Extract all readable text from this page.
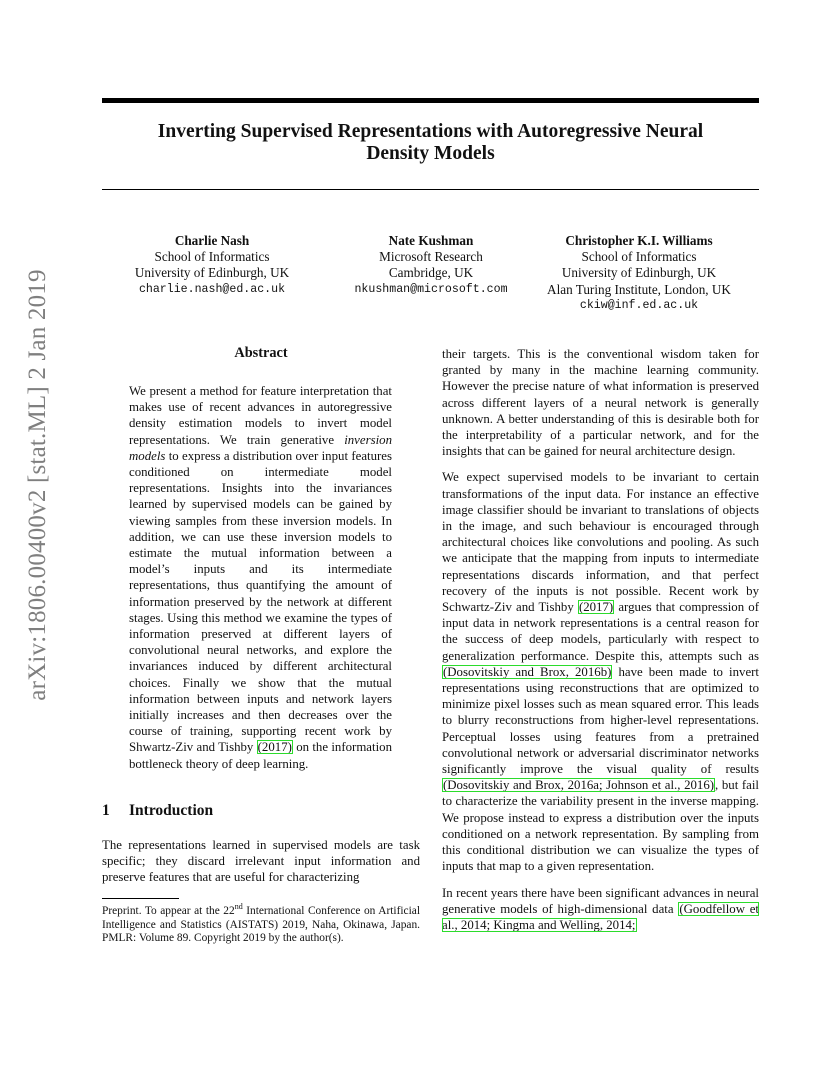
Inverting Supervised Representations with Autoregressive Neural
Density Models
Charlie Nash
School of Informatics
University of Edinburgh, UK
charlie.nash@ed.ac.uk
Nate Kushman
Microsoft Research
Cambridge, UK
nkushman@microsoft.com
Christopher K.I. Williams
School of Informatics
University of Edinburgh, UK
Alan Turing Institute, London, UK
ckiw@inf.ed.ac.uk
arXiv:1806.00400v2 [stat.ML] 2 Jan 2019	Abstract

We present a method for feature interpretation that makes use of recent advances in autoregressive density estimation models to invert model representations. We train generative inversion models to express a distribution over input features conditioned on intermediate model representations. Insights into the invariances learned by supervised models can be gained by viewing samples from these inversion models. In addition, we can use these inversion models to estimate the mutual information between a model’s inputs and its intermediate representations, thus quantifying the amount of information preserved by the network at different stages. Using this method we examine the types of information preserved at different layers of convolutional neural networks, and explore the invariances induced by different architectural choices. Finally we show that the mutual information between inputs and network layers initially increases and then decreases over the course of training, supporting recent work by Shwartz-Ziv and Tishby (2017) on the information bottleneck theory of deep learning.

1 Introduction

The representations learned in supervised models are task specific; they discard irrelevant input information and preserve features that are useful for characterizing

Preprint. To appear at the 22nd International Conference on Artificial Intelligence and Statistics (AISTATS) 2019, Naha, Okinawa, Japan. PMLR: Volume 89. Copyright 2019 by the author(s).

their targets. This is the conventional wisdom taken for granted by many in the machine learning community. However the precise nature of what information is preserved across different layers of a neural network is generally unknown. A better understanding of this is desirable both for the interpretability of a particular network, and for the insights that can be gained for neural architecture design.

We expect supervised models to be invariant to certain transformations of the input data. For instance an effective image classifier should be invariant to translations of objects in the image, and such behaviour is encouraged through architectural choices like convolutions and pooling. As such we anticipate that the mapping from inputs to intermediate representations discards information, and that perfect recovery of the inputs is not possible. Recent work by Schwartz-Ziv and Tishby (2017) argues that compression of input data in network representations is a central reason for the success of deep models, particularly with respect to generalization performance. Despite this, attempts such as (Dosovitskiy and Brox, 2016b) have been made to invert representations using reconstructions that are optimized to minimize pixel losses such as mean squared error. This leads to blurry reconstructions from higher-level representations. Perceptual losses using features from a pretrained convolutional network or adversarial discriminator networks significantly improve the visual quality of results (Dosovitskiy and Brox, 2016a; Johnson et al., 2016), but fail to characterize the variability present in the inverse mapping. We propose instead to express a distribution over the inputs conditioned on a network representation. By sampling from this conditional distribution we can visualize the types of inputs that map to a given representation.

In recent years there have been significant advances in neural generative models of high-dimensional data (Goodfellow et al., 2014; Kingma and Welling, 2014;
